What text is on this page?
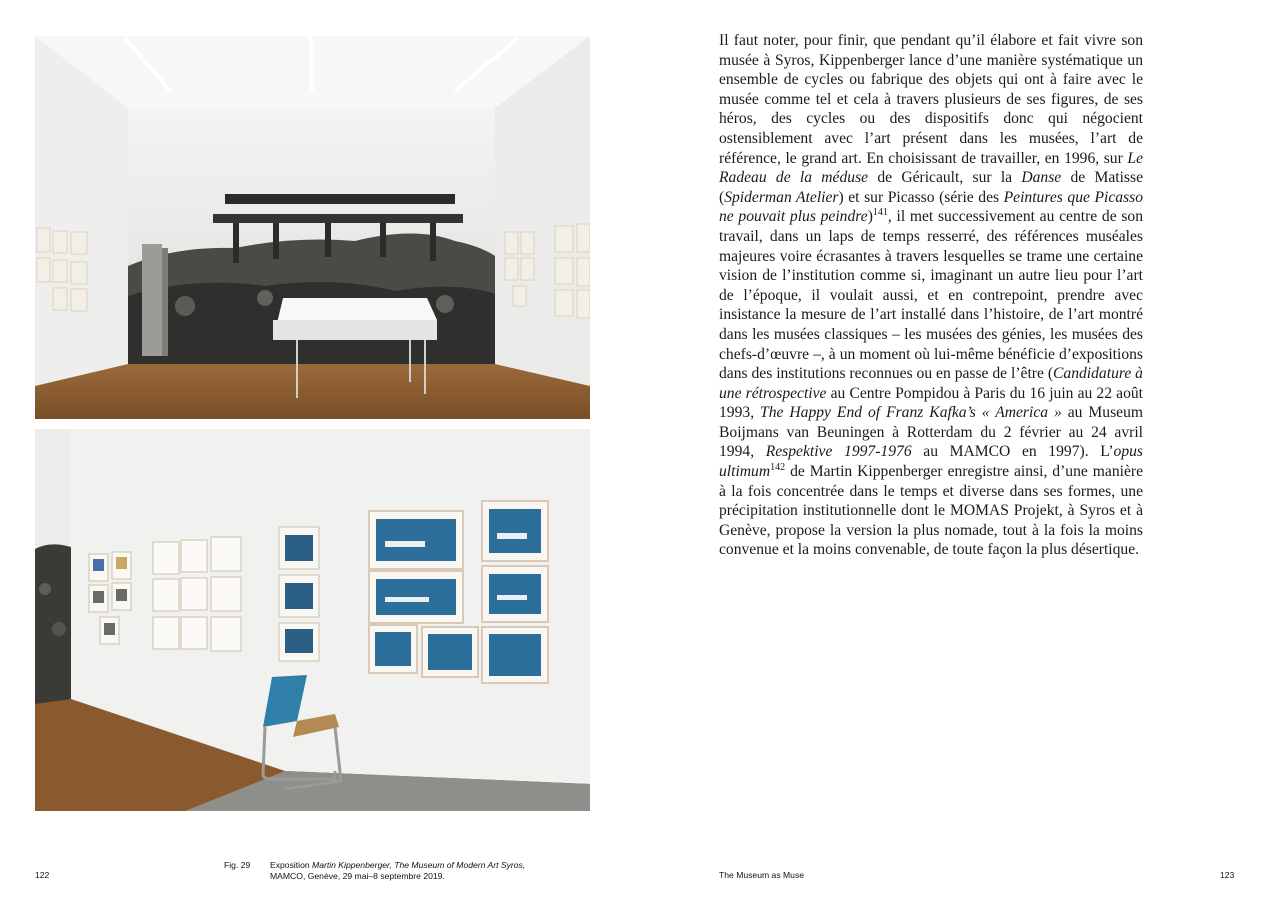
Il faut noter, pour finir, que pendant qu’il élabore et fait vivre son musée à Syros, Kippenberger lance d’une manière systématique un ensemble de cycles ou fabrique des objets qui ont à faire avec le musée comme tel et cela à travers plusieurs de ses figures, de ses héros, des cycles ou des dispositifs donc qui négocient ostensiblement avec l’art présent dans les musées, l’art de référence, le grand art. En choisissant de travailler, en 1996, sur Le Radeau de la méduse de Géricault, sur la Danse de Matisse (Spiderman Atelier) et sur Picasso (série des Peintures que Picasso ne pouvait plus peindre)$^{141}$, il met successivement au centre de son travail, dans un laps de temps resserré, des références muséales majeures voire écrasantes à travers lesquelles se trame une certaine vision de l’institution comme si, imaginant un autre lieu pour l’art de l’époque, il voulait aussi, et en contrepoint, prendre avec insistance la mesure de l’art installé dans l’histoire, de l’art montré dans les musées classiques – les musées des génies, les musées des chefs-d’œuvre –, à un moment où lui-même bénéficie d’expositions dans des institutions reconnues ou en passe de l’être (Candidature à une rétrospective au Centre Pompidou à Paris du 16 juin au 22 août 1993, The Happy End of Franz Kafka’s « America » au Museum Boijmans van Beuningen à Rotterdam du 2 février au 24 avril 1994, Respektive 1997-1976 au MAMCO en 1997). L’opus ultimum$^{142}$ de Martin Kippenberger enregistre ainsi, d’une manière à la fois concentrée dans le temps et diverse dans ses formes, une précipitation institutionnelle dont le MOMAS Projekt, à Syros et à Genève, propose la version la plus nomade, tout à la fois la moins convenue et la moins convenable, de toute façon la plus désertique.
122
Fig. 29 Exposition Martin Kippenberger, The Museum of Modern Art Syros,
MAMCO, Genève, 29 mai–8 septembre 2019.	The Museum as Muse	123
